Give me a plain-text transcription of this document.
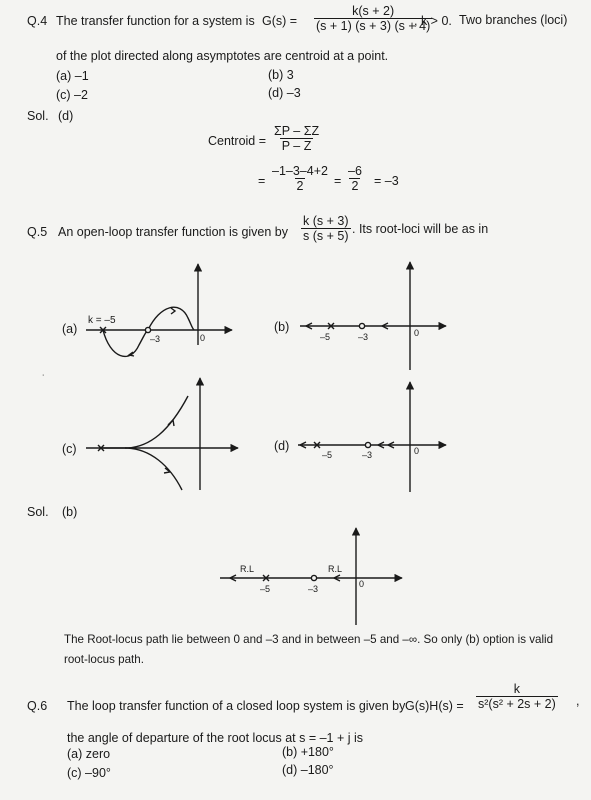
Q.4 The transfer function for a system is $G(s) = \frac{k(s + 2)}{(s + 1) (s + 3) (s + 4)}$
, k > 0. Two branches (loci)
of the plot directed along asymptotes are centroid at a point.
(a) –1	(b) 3
(c) –2	(d) –3
Sol. (d)
Centroid = $\frac{\Sigma P - \Sigma Z}{P - Z}$
= $\frac{-1-3-4+2}{2} = \frac{-6}{2} = -3$
Q.5 An open-loop transfer function is given by $\frac{k (s + 3)}{s (s + 5)}$ . Its root-loci will be as in
k = –5
–3	0	–5	–3	0
–5	–3	0
R.L	R.L
–5	–3	0
˙
(a)	(b)
(c)	(d)
Sol. (b)
The Root-locus path lie between 0 and –3 and in between –5 and –∞. So only (b) option is valid
root-locus path.
Q.6 The loop transfer function of a closed loop system is given by $G(s)H(s) = \frac{k}{\text{s²(s² + 2s + 2)}}$ ,
the angle of departure of the root locus at s = –1 + j is
(a) zero	(b) +180°
(c) –90°	(d) –180°
